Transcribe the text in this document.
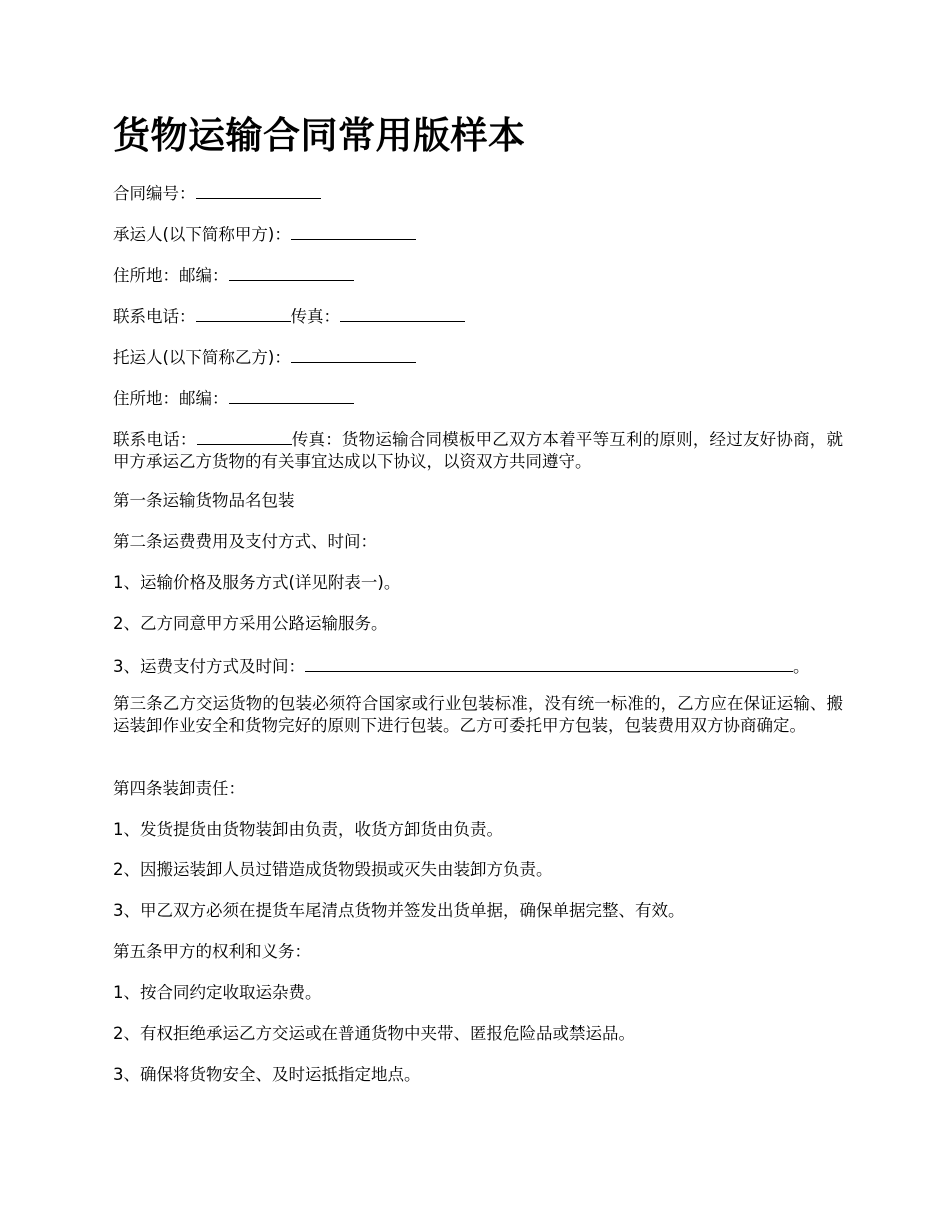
货物运输合同常用版样本

合同编号：

承运人(以下简称甲方)：

住所地：邮编：

联系电话：	传真：

托运人(以下简称乙方)：

住所地：邮编：

联系电话：	传真：货物运输合同模板甲乙双方本着平等互利的原则，经过友好协商，就甲方承运乙方货物的有关事宜达成以下协议，以资双方共同遵守。

第一条运输货物品名包装

第二条运费费用及支付方式、时间：

1、运输价格及服务方式(详见附表一)。

2、乙方同意甲方采用公路运输服务。

3、运费支付方式及时间：	。

第三条乙方交运货物的包装必须符合国家或行业包装标准，没有统一标准的，乙方应在保证运输、搬运装卸作业安全和货物完好的原则下进行包装。乙方可委托甲方包装，包装费用双方协商确定。

第四条装卸责任：

1、发货提货由货物装卸由负责，收货方卸货由负责。

2、因搬运装卸人员过错造成货物毁损或灭失由装卸方负责。

3、甲乙双方必须在提货车尾清点货物并签发出货单据，确保单据完整、有效。

第五条甲方的权利和义务：

1、按合同约定收取运杂费。

2、有权拒绝承运乙方交运或在普通货物中夹带、匿报危险品或禁运品。

3、确保将货物安全、及时运抵指定地点。
